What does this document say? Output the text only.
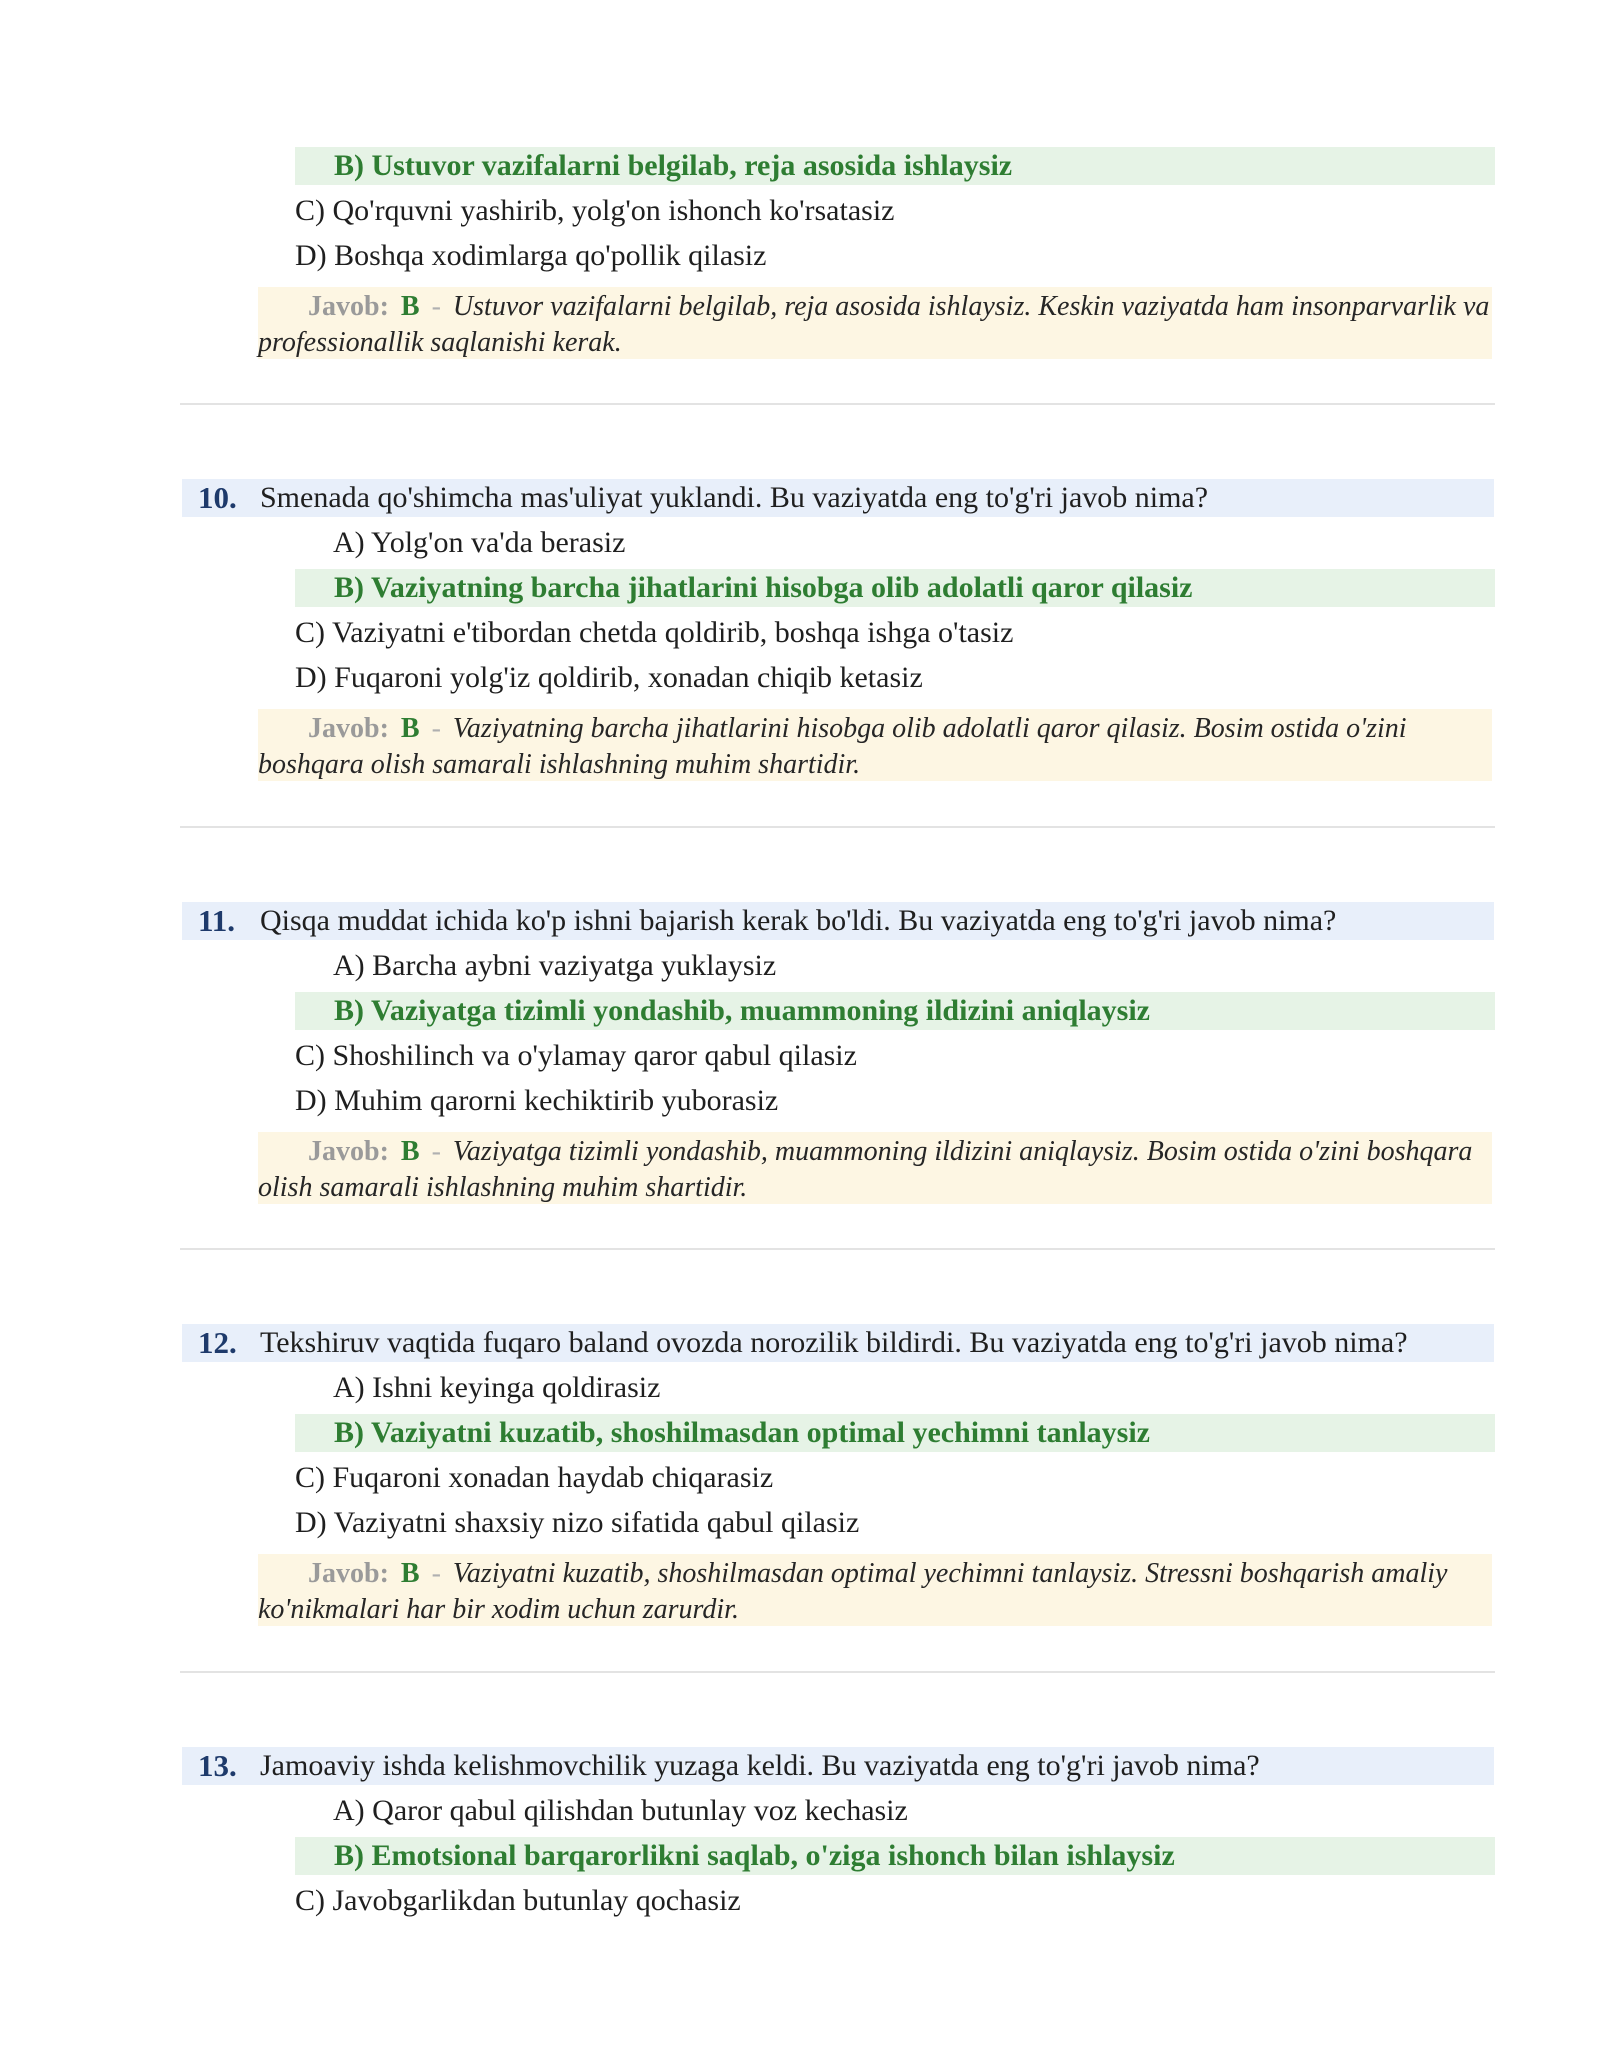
B) Ustuvor vazifalarni belgilab, reja asosida ishlaysiz
C) Qo'rquvni yashirib, yolg'on ishonch ko'rsatasiz
D) Boshqa xodimlarga qo'pollik qilasiz
Javob: B - Ustuvor vazifalarni belgilab, reja asosida ishlaysiz. Keskin vaziyatda ham insonparvarlik va professionallik saqlanishi kerak.
10. Smenada qo'shimcha mas'uliyat yuklandi. Bu vaziyatda eng to'g'ri javob nima?
A) Yolg'on va'da berasiz
B) Vaziyatning barcha jihatlarini hisobga olib adolatli qaror qilasiz
C) Vaziyatni e'tibordan chetda qoldirib, boshqa ishga o'tasiz
D) Fuqaroni yolg'iz qoldirib, xonadan chiqib ketasiz
Javob: B - Vaziyatning barcha jihatlarini hisobga olib adolatli qaror qilasiz. Bosim ostida o'zini boshqara olish samarali ishlashning muhim shartidir.
11. Qisqa muddat ichida ko'p ishni bajarish kerak bo'ldi. Bu vaziyatda eng to'g'ri javob nima?
A) Barcha aybni vaziyatga yuklaysiz
B) Vaziyatga tizimli yondashib, muammoning ildizini aniqlaysiz
C) Shoshilinch va o'ylamay qaror qabul qilasiz
D) Muhim qarorni kechiktirib yuborasiz
Javob: B - Vaziyatga tizimli yondashib, muammoning ildizini aniqlaysiz. Bosim ostida o'zini boshqara olish samarali ishlashning muhim shartidir.
12. Tekshiruv vaqtida fuqaro baland ovozda norozilik bildirdi. Bu vaziyatda eng to'g'ri javob nima?
A) Ishni keyinga qoldirasiz
B) Vaziyatni kuzatib, shoshilmasdan optimal yechimni tanlaysiz
C) Fuqaroni xonadan haydab chiqarasiz
D) Vaziyatni shaxsiy nizo sifatida qabul qilasiz
Javob: B - Vaziyatni kuzatib, shoshilmasdan optimal yechimni tanlaysiz. Stressni boshqarish amaliy ko'nikmalari har bir xodim uchun zarurdir.
13. Jamoaviy ishda kelishmovchilik yuzaga keldi. Bu vaziyatda eng to'g'ri javob nima?
A) Qaror qabul qilishdan butunlay voz kechasiz
B) Emotsional barqarorlikni saqlab, o'ziga ishonch bilan ishlaysiz
C) Javobgarlikdan butunlay qochasiz
